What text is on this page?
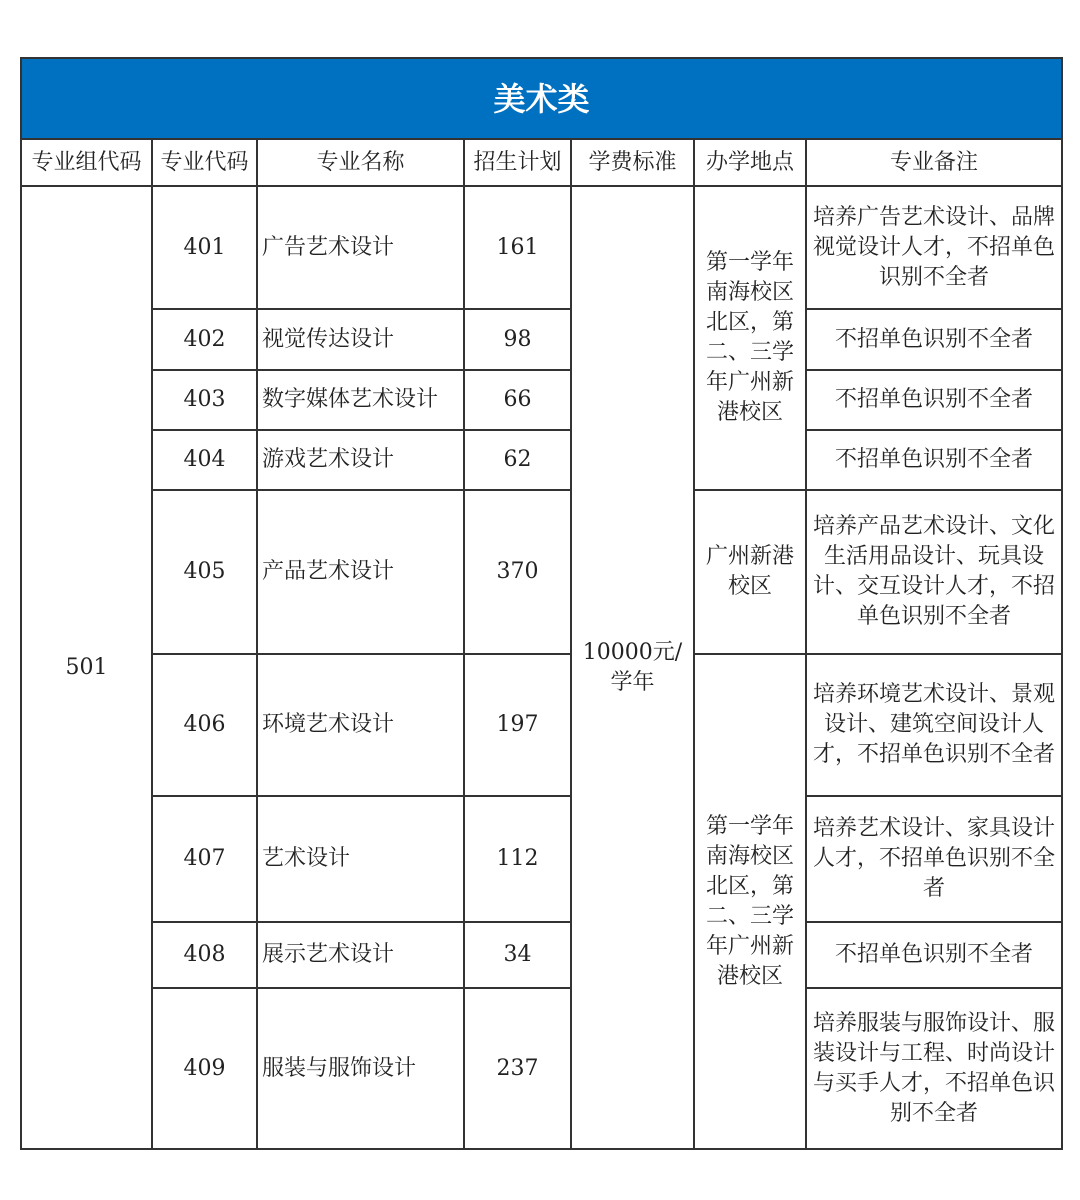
美术类						
专业组代码	专业代码	专业名称	招生计划	学费标准	办学地点	专业备注
501	401	广告艺术设计	161	10000元/学年	第一学年南海校区北区，第二、三学年广州新港校区	培养广告艺术设计、品牌视觉设计人才，不招单色识别不全者
	402	视觉传达设计	98			不招单色识别不全者
	403	数字媒体艺术设计	66			不招单色识别不全者
	404	游戏艺术设计	62			不招单色识别不全者
	405	产品艺术设计	370		广州新港校区	培养产品艺术设计、文化生活用品设计、玩具设计、交互设计人才，不招单色识别不全者
	406	环境艺术设计	197		第一学年南海校区北区，第二、三学年广州新港校区	培养环境艺术设计、景观设计、建筑空间设计人才，不招单色识别不全者
	407	艺术设计	112			培养艺术设计、家具设计人才，不招单色识别不全者
	408	展示艺术设计	34			不招单色识别不全者
	409	服装与服饰设计	237			培养服装与服饰设计、服装设计与工程、时尚设计与买手人才，不招单色识别不全者
